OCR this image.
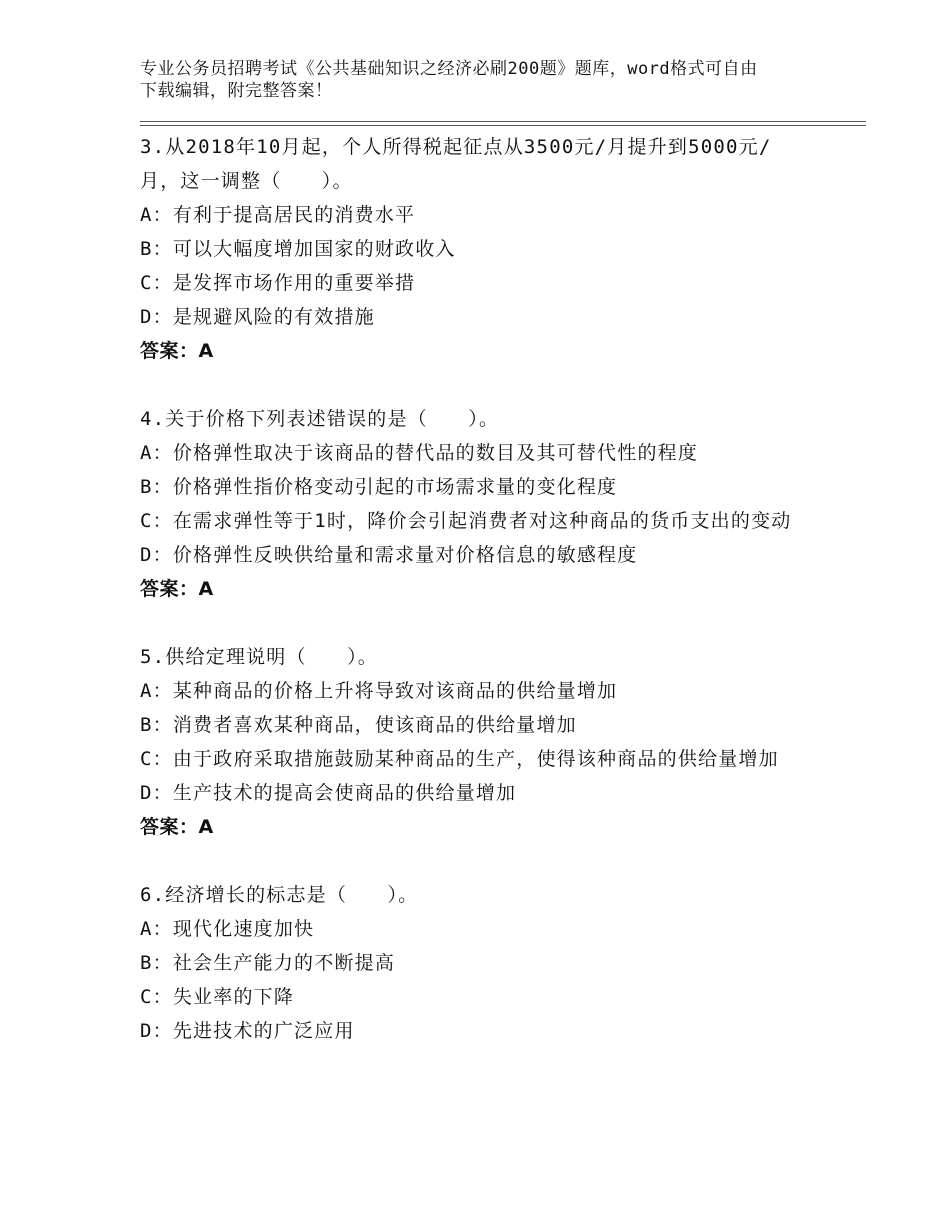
专业公务员招聘考试《公共基础知识之经济必刷200题》题库，word格式可自由
下载编辑，附完整答案！
3.从2018年10月起，个人所得税起征点从3500元/月提升到5000元/月，这一调整（　　）。
A：有利于提高居民的消费水平
B：可以大幅度增加国家的财政收入
C：是发挥市场作用的重要举措
D：是规避风险的有效措施
答案：A
4.关于价格下列表述错误的是（　　）。
A：价格弹性取决于该商品的替代品的数目及其可替代性的程度
B：价格弹性指价格变动引起的市场需求量的变化程度
C：在需求弹性等于1时，降价会引起消费者对这种商品的货币支出的变动
D：价格弹性反映供给量和需求量对价格信息的敏感程度
答案：A
5.供给定理说明（　　）。
A：某种商品的价格上升将导致对该商品的供给量增加
B：消费者喜欢某种商品，使该商品的供给量增加
C：由于政府采取措施鼓励某种商品的生产，使得该种商品的供给量增加
D：生产技术的提高会使商品的供给量增加
答案：A
6.经济增长的标志是（　　）。
A：现代化速度加快
B：社会生产能力的不断提高
C：失业率的下降
D：先进技术的广泛应用
